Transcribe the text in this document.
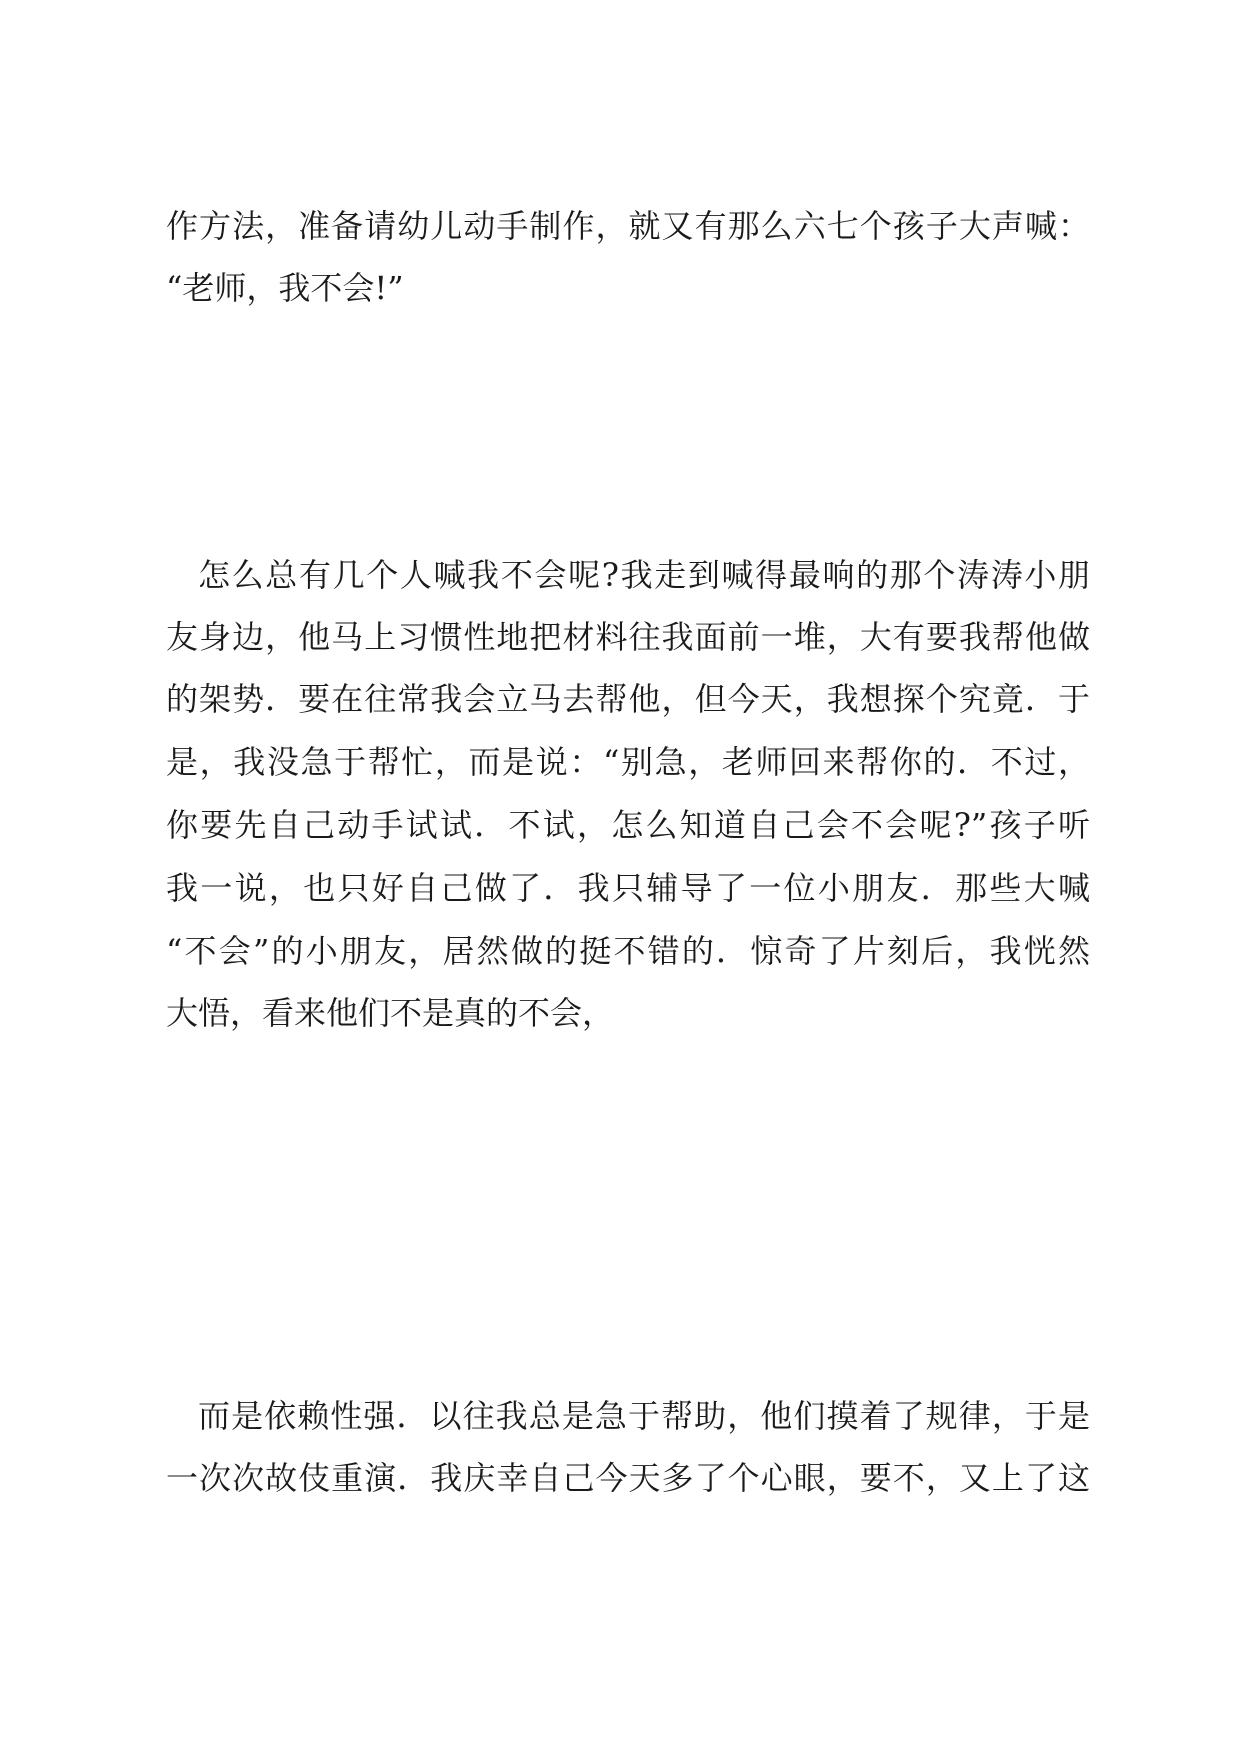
作方法，准备请幼儿动手制作，就又有那么六七个孩子大声喊：
“老师，我不会!”
怎么总有几个人喊我不会呢?我走到喊得最响的那个涛涛小朋
友身边，他马上习惯性地把材料往我面前一堆，大有要我帮他做
的架势．要在往常我会立马去帮他，但今天，我想探个究竟．于
是，我没急于帮忙，而是说：“别急，老师回来帮你的．不过，
你要先自己动手试试．不试，怎么知道自己会不会呢?”孩子听
我一说，也只好自己做了．我只辅导了一位小朋友．那些大喊
“不会”的小朋友，居然做的挺不错的．惊奇了片刻后，我恍然
大悟，看来他们不是真的不会，
而是依赖性强．以往我总是急于帮助，他们摸着了规律，于是
一次次故伎重演．我庆幸自己今天多了个心眼，要不，又上了这
